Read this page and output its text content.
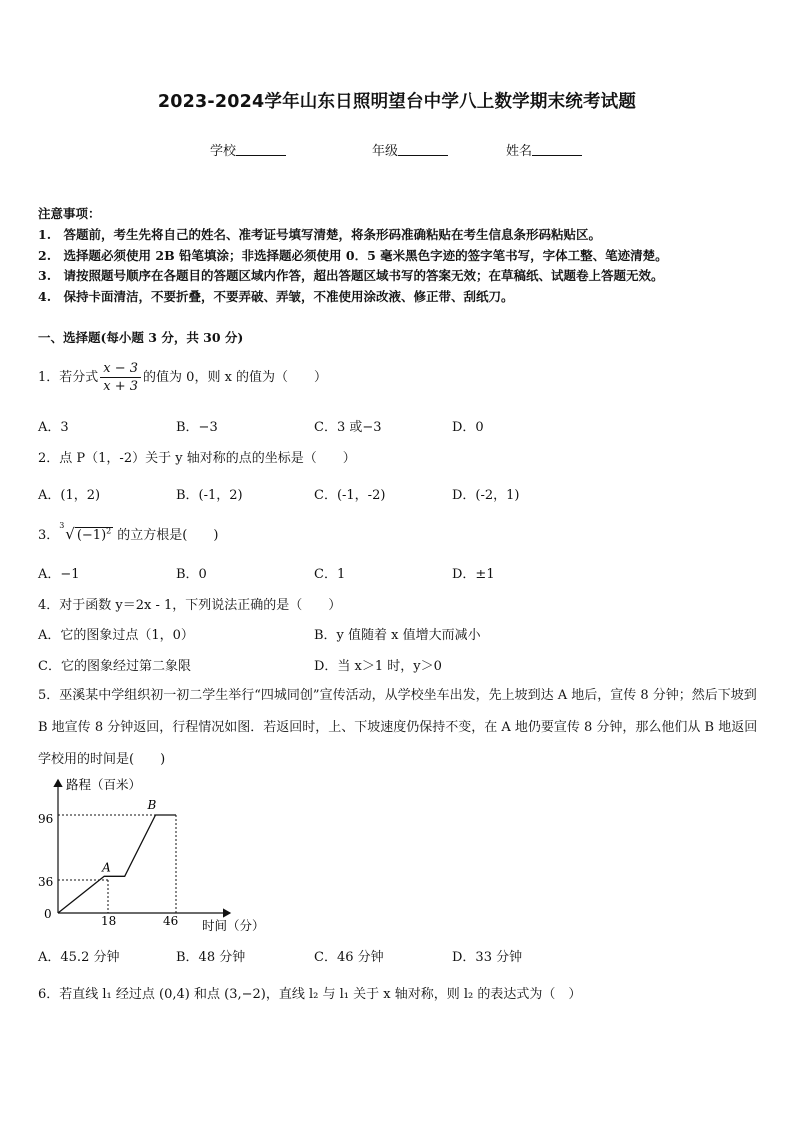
2023-2024学年山东日照明望台中学八上数学期末统考试题
学校	年级	姓名
注意事项：
1.　答题前，考生先将自己的姓名、准考证号填写清楚，将条形码准确粘贴在考生信息条形码粘贴区。
2.　选择题必须使用 2B 铅笔填涂；非选择题必须使用 0．5 毫米黑色字迹的签字笔书写，字体工整、笔迹清楚。
3.　请按照题号顺序在各题目的答题区域内作答，超出答题区域书写的答案无效；在草稿纸、试题卷上答题无效。
4.　保持卡面清洁，不要折叠，不要弄破、弄皱，不准使用涂改液、修正带、刮纸刀。
一、选择题(每小题 3 分，共 30 分)
1．若分式 $\frac{x - 3}{x + 3}$ 的值为 0，则 x 的值为（　　）
A．3	B．−3	C．3 或−3	D．0
2．点 P（1，-2）关于 y 轴对称的点的坐标是（　　）
A．(1，2)	B．(-1，2)	C．(-1，-2)	D．(-2，1)
3．
3 √ $(-1)^2$ 的立方根是(　　)
A．−1	B．0	C．1	D．±1
4．对于函数 y＝2x - 1，下列说法正确的是（　　）
A．它的图象过点（1，0）	B．y 值随着 x 值增大而减小
C．它的图象经过第二象限	D．当 x＞1 时，y＞0
5．巫溪某中学组织初一初二学生举行“四城同创”宣传活动，从学校坐车出发，先上坡到达 A 地后，宣传 8 分钟；然后下坡到 B 地宣传 8 分钟返回，行程情况如图．若返回时，上、下坡速度仍保持不变，在 A 地仍要宣传 8 分钟，那么他们从 B 地返回学校用的时间是(　　)
路程（百米）
时间（分）
96
36
0	18	46
A
B
A．45.2 分钟	B．48 分钟	C．46 分钟	D．33 分钟
6．若直线 l₁ 经过点 (0,4) 和点 (3,−2)，直线 l₂ 与 l₁ 关于 x 轴对称，则 l₂ 的表达式为（　）
